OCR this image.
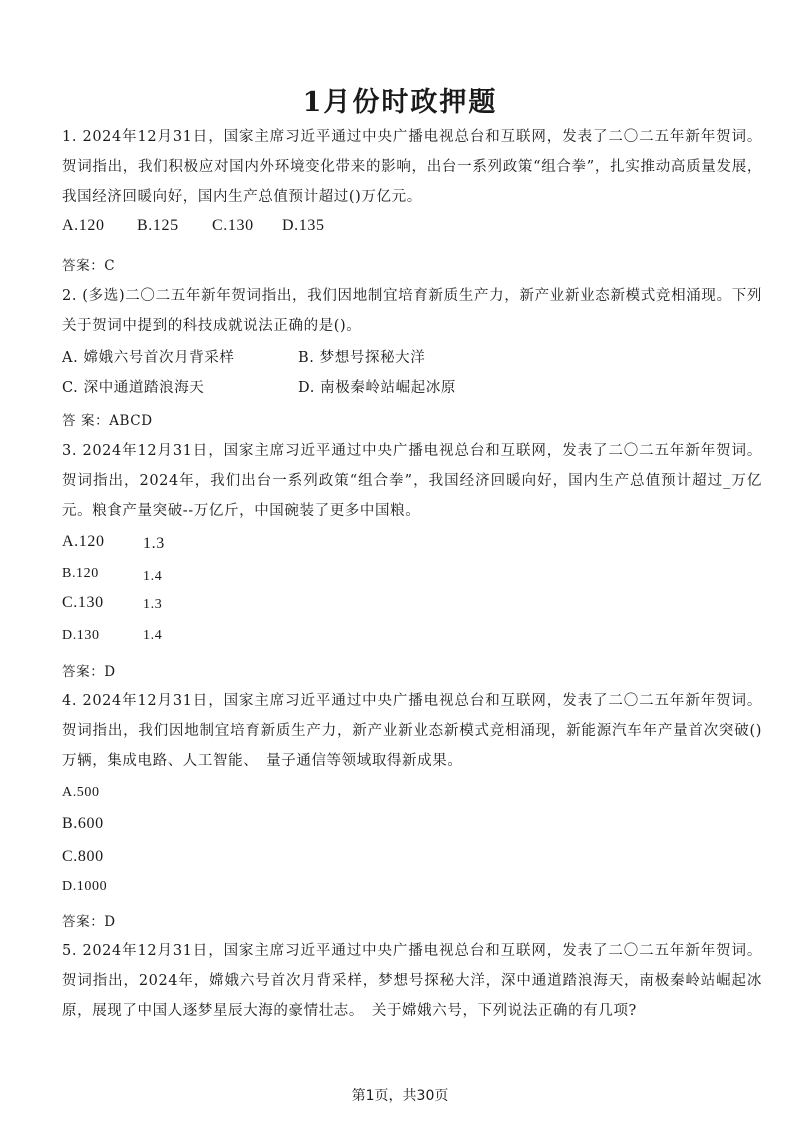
1月份时政押题
1. 2024年12月31日，国家主席习近平通过中央广播电视总台和互联网，发表了二〇二五年新年贺词。贺词指出，我们积极应对国内外环境变化带来的影响，出台一系列政策“组合拳”，扎实推动高质量发展，我国经济回暖向好，国内生产总值预计超过()万亿元。
A.120 B.125 C.130 D.135
答案：C
2. (多选)二〇二五年新年贺词指出，我们因地制宜培育新质生产力，新产业新业态新模式竞相涌现。下列关于贺词中提到的科技成就说法正确的是()。
A. 嫦娥六号首次月背采样	B. 梦想号探秘大洋
C. 深中通道踏浪海天	D. 南极秦岭站崛起冰原
答 案：ABCD
3. 2024年12月31日，国家主席习近平通过中央广播电视总台和互联网，发表了二〇二五年新年贺词。贺词指出，2024年，我们出台一系列政策“组合拳”，我国经济回暖向好，国内生产总值预计超过_万亿元。粮食产量突破--万亿斤，中国碗装了更多中国粮。
A.120 1.3
B.120	1.4
C.130	1.3
D.130	1.4
答案：D
4. 2024年12月31日，国家主席习近平通过中央广播电视总台和互联网，发表了二〇二五年新年贺词。贺词指出，我们因地制宜培育新质生产力，新产业新业态新模式竞相涌现，新能源汽车年产量首次突破()万辆，集成电路、人工智能、　量子通信等领域取得新成果。
A.500
B.600
C.800
D.1000
答案：D
5. 2024年12月31日，国家主席习近平通过中央广播电视总台和互联网，发表了二〇二五年新年贺词。贺词指出，2024年，嫦娥六号首次月背采样，梦想号探秘大洋，深中通道踏浪海天，南极秦岭站崛起冰原，展现了中国人逐梦星辰大海的豪情壮志。　关于嫦娥六号，下列说法正确的有几项?
第1页，共30页
